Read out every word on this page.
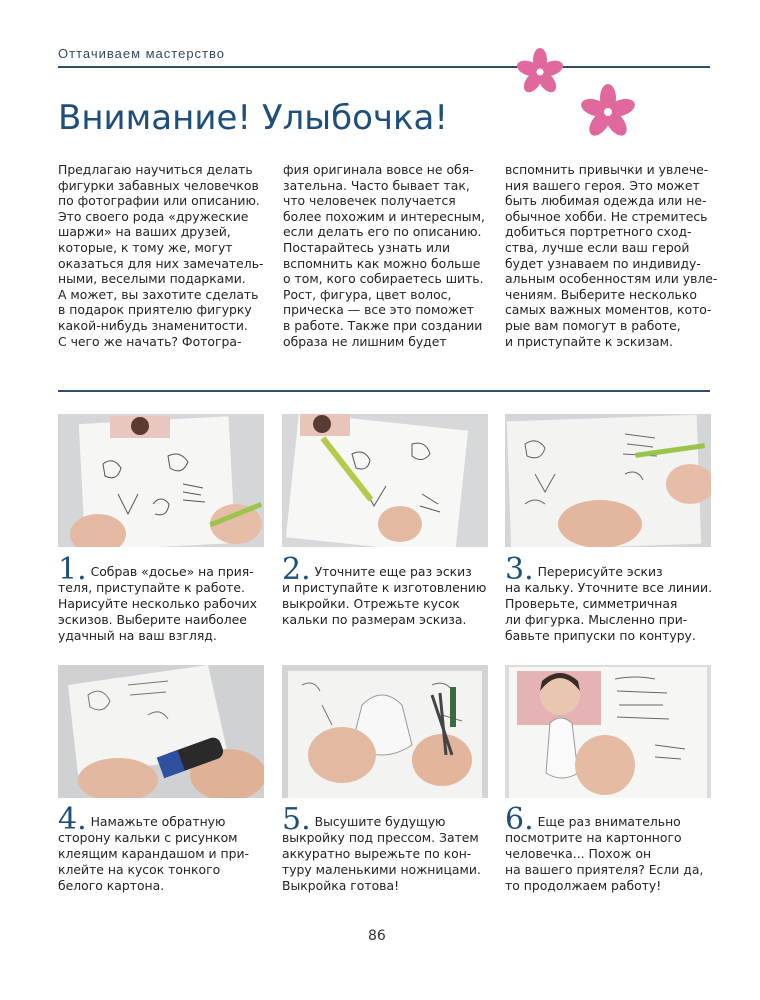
Оттачиваем мастерство
Внимание! Улыбочка!
Предлагаю научиться делать
фигурки забавных человечков
по фотографии или описанию.
Это своего рода «дружеские
шаржи» на ваших друзей,
которые, к тому же, могут
оказаться для них замечатель-
ными, веселыми подарками.
А может, вы захотите сделать
в подарок приятелю фигурку
какой-нибудь знаменитости.
С чего же начать? Фотогра-
фия оригинала вовсе не обя-
зательна. Часто бывает так,
что человечек получается
более похожим и интересным,
если делать его по описанию.
Постарайтесь узнать или
вспомнить как можно больше
о том, кого собираетесь шить.
Рост, фигура, цвет волос,
прическа — все это поможет
в работе. Также при создании
образа не лишним будет
вспомнить привычки и увлече-
ния вашего героя. Это может
быть любимая одежда или не-
обычное хобби. Не стремитесь
добиться портретного сход-
ства, лучше если ваш герой
будет узнаваем по индивиду-
альным особенностям или увле-
чениям. Выберите несколько
самых важных моментов, кото-
рые вам помогут в работе,
и приступайте к эскизам.
1. Собрав «досье» на прия-
теля, приступайте к работе.
Нарисуйте несколько рабочих
эскизов. Выберите наиболее
удачный на ваш взгляд.
2. Уточните еще раз эскиз
и приступайте к изготовлению
выкройки. Отрежьте кусок
кальки по размерам эскиза.
3. Перерисуйте эскиз
на кальку. Уточните все линии.
Проверьте, симметричная
ли фигурка. Мысленно при-
бавьте припуски по контуру.
4. Намажьте обратную
сторону кальки с рисунком
клеящим карандашом и при-
клейте на кусок тонкого
белого картона.
5. Высушите будущую
выкройку под прессом. Затем
аккуратно вырежьте по кон-
туру маленькими ножницами.
Выкройка готова!
6. Еще раз внимательно
посмотрите на картонного
человечка... Похож он
на вашего приятеля? Если да,
то продолжаем работу!
86
